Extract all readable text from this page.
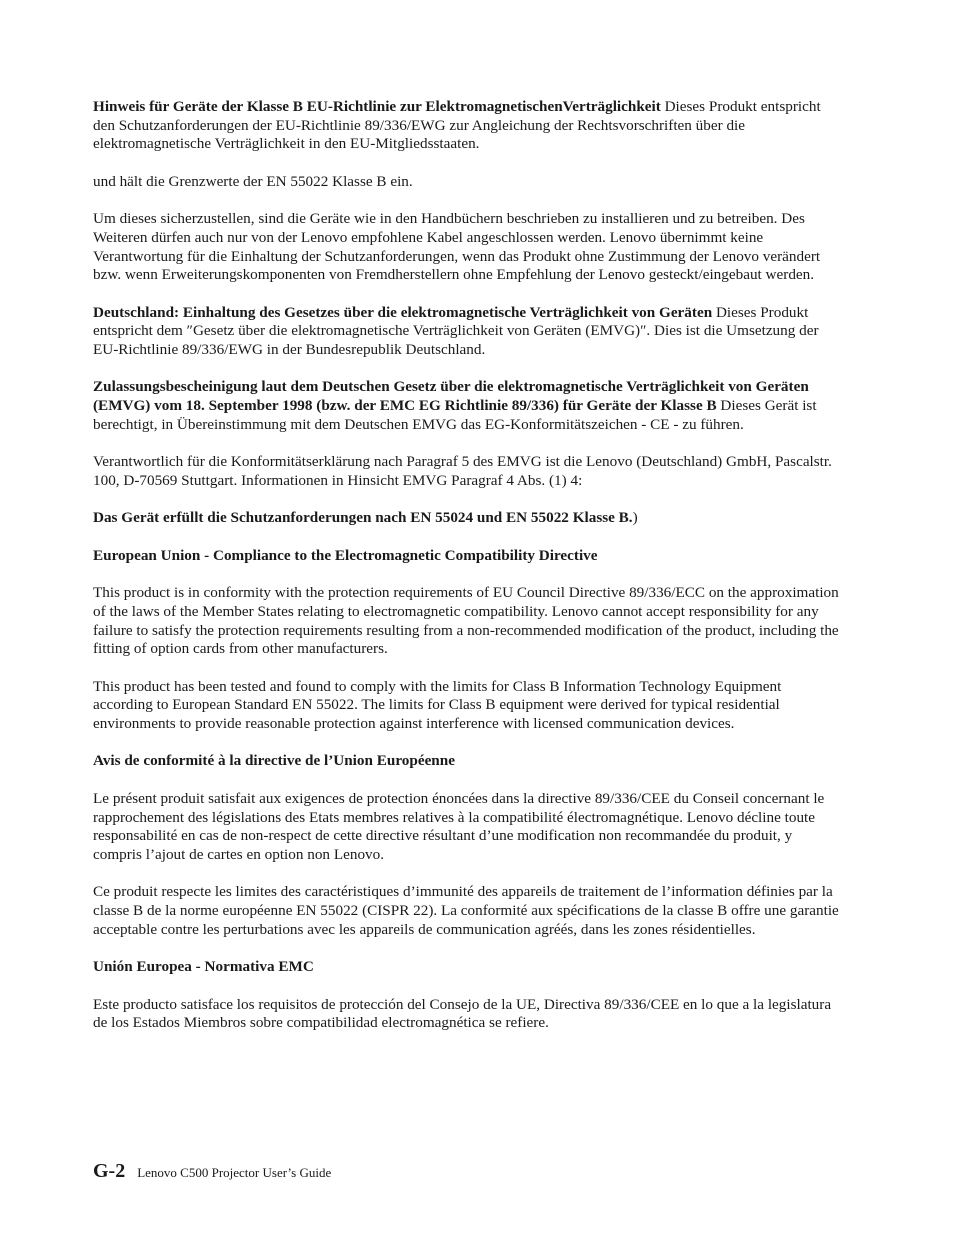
Hinweis für Geräte der Klasse B EU-Richtlinie zur ElektromagnetischenVerträglichkeit Dieses Produkt entspricht den Schutzanforderungen der EU-Richtlinie 89/336/EWG zur Angleichung der Rechtsvorschriften über die elektromagnetische Verträglichkeit in den EU-Mitgliedsstaaten.

und hält die Grenzwerte der EN 55022 Klasse B ein.

Um dieses sicherzustellen, sind die Geräte wie in den Handbüchern beschrieben zu installieren und zu betreiben. Des Weiteren dürfen auch nur von der Lenovo empfohlene Kabel angeschlossen werden. Lenovo übernimmt keine Verantwortung für die Einhaltung der Schutzanforderungen, wenn das Produkt ohne Zustimmung der Lenovo verändert bzw. wenn Erweiterungskomponenten von Fremdherstellern ohne Empfehlung der Lenovo gesteckt/eingebaut werden.

Deutschland: Einhaltung des Gesetzes über die elektromagnetische Verträglichkeit von Geräten Dieses Produkt entspricht dem ″Gesetz über die elektromagnetische Verträglichkeit von Geräten (EMVG)″. Dies ist die Umsetzung der EU-Richtlinie 89/336/EWG in der Bundesrepublik Deutschland.

Zulassungsbescheinigung laut dem Deutschen Gesetz über die elektromagnetische Verträglichkeit von Geräten (EMVG) vom 18. September 1998 (bzw. der EMC EG Richtlinie 89/336) für Geräte der Klasse B Dieses Gerät ist berechtigt, in Übereinstimmung mit dem Deutschen EMVG das EG-Konformitätszeichen - CE - zu führen.

Verantwortlich für die Konformitätserklärung nach Paragraf 5 des EMVG ist die Lenovo (Deutschland) GmbH, Pascalstr. 100, D-70569 Stuttgart. Informationen in Hinsicht EMVG Paragraf 4 Abs. (1) 4:

Das Gerät erfüllt die Schutzanforderungen nach EN 55024 und EN 55022 Klasse B.)

European Union - Compliance to the Electromagnetic Compatibility Directive

This product is in conformity with the protection requirements of EU Council Directive 89/336/ECC on the approximation of the laws of the Member States relating to electromagnetic compatibility. Lenovo cannot accept responsibility for any failure to satisfy the protection requirements resulting from a non-recommended modification of the product, including the fitting of option cards from other manufacturers.

This product has been tested and found to comply with the limits for Class B Information Technology Equipment according to European Standard EN 55022. The limits for Class B equipment were derived for typical residential environments to provide reasonable protection against interference with licensed communication devices.

Avis de conformité à la directive de l’Union Européenne

Le présent produit satisfait aux exigences de protection énoncées dans la directive 89/336/CEE du Conseil concernant le rapprochement des législations des Etats membres relatives à la compatibilité électromagnétique. Lenovo décline toute responsabilité en cas de non-respect de cette directive résultant d’une modification non recommandée du produit, y compris l’ajout de cartes en option non Lenovo.

Ce produit respecte les limites des caractéristiques d’immunité des appareils de traitement de l’information définies par la classe B de la norme européenne EN 55022 (CISPR 22). La conformité aux spécifications de la classe B offre une garantie acceptable contre les perturbations avec les appareils de communication agréés, dans les zones résidentielles.

Unión Europea - Normativa EMC

Este producto satisface los requisitos de protección del Consejo de la UE, Directiva 89/336/CEE en lo que a la legislatura de los Estados Miembros sobre compatibilidad electromagnética se refiere.

G-2 Lenovo C500 Projector User’s Guide
